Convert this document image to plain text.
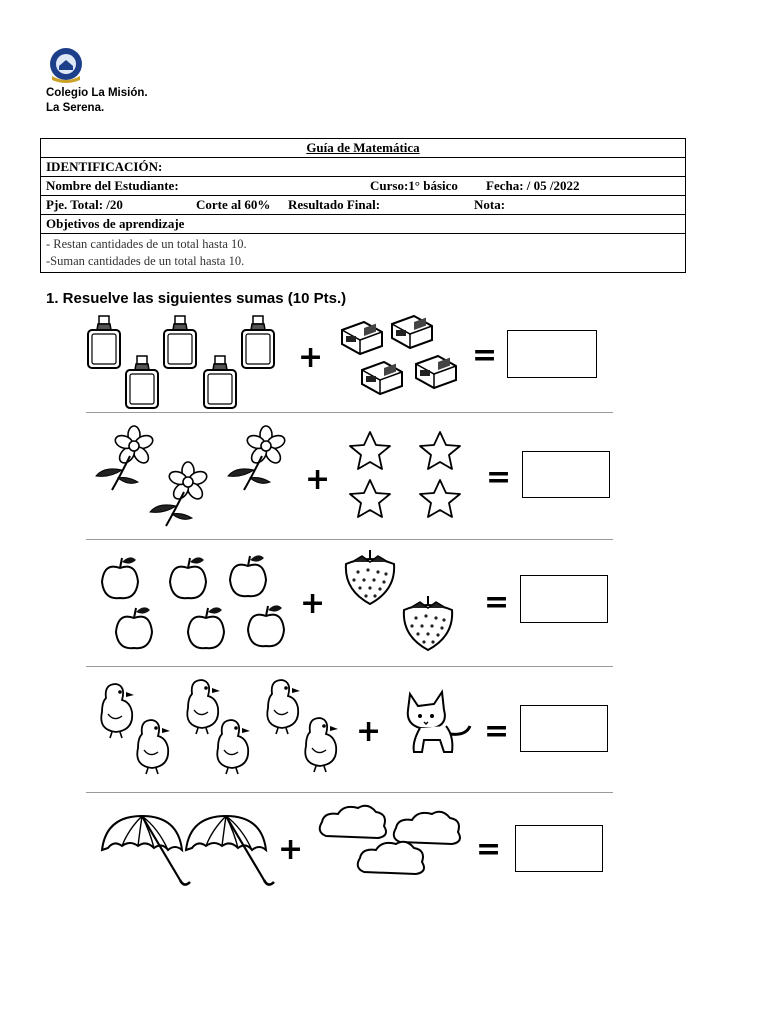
Colegio La Misión.
La Serena.
Guía de Matemática
IDENTIFICACIÓN:
Nombre del Estudiante:	Curso:1° básico Fecha: / 05 /2022
Pje. Total: /20	Corte al 60% Resultado Final:	Nota:
Objetivos de aprendizaje

- Restan cantidades de un total hasta 10.
-Suman cantidades de un total hasta 10.
1. Resuelve las siguientes sumas (10 Pts.)
+	=
+	=
+	=
+	=
+	=
